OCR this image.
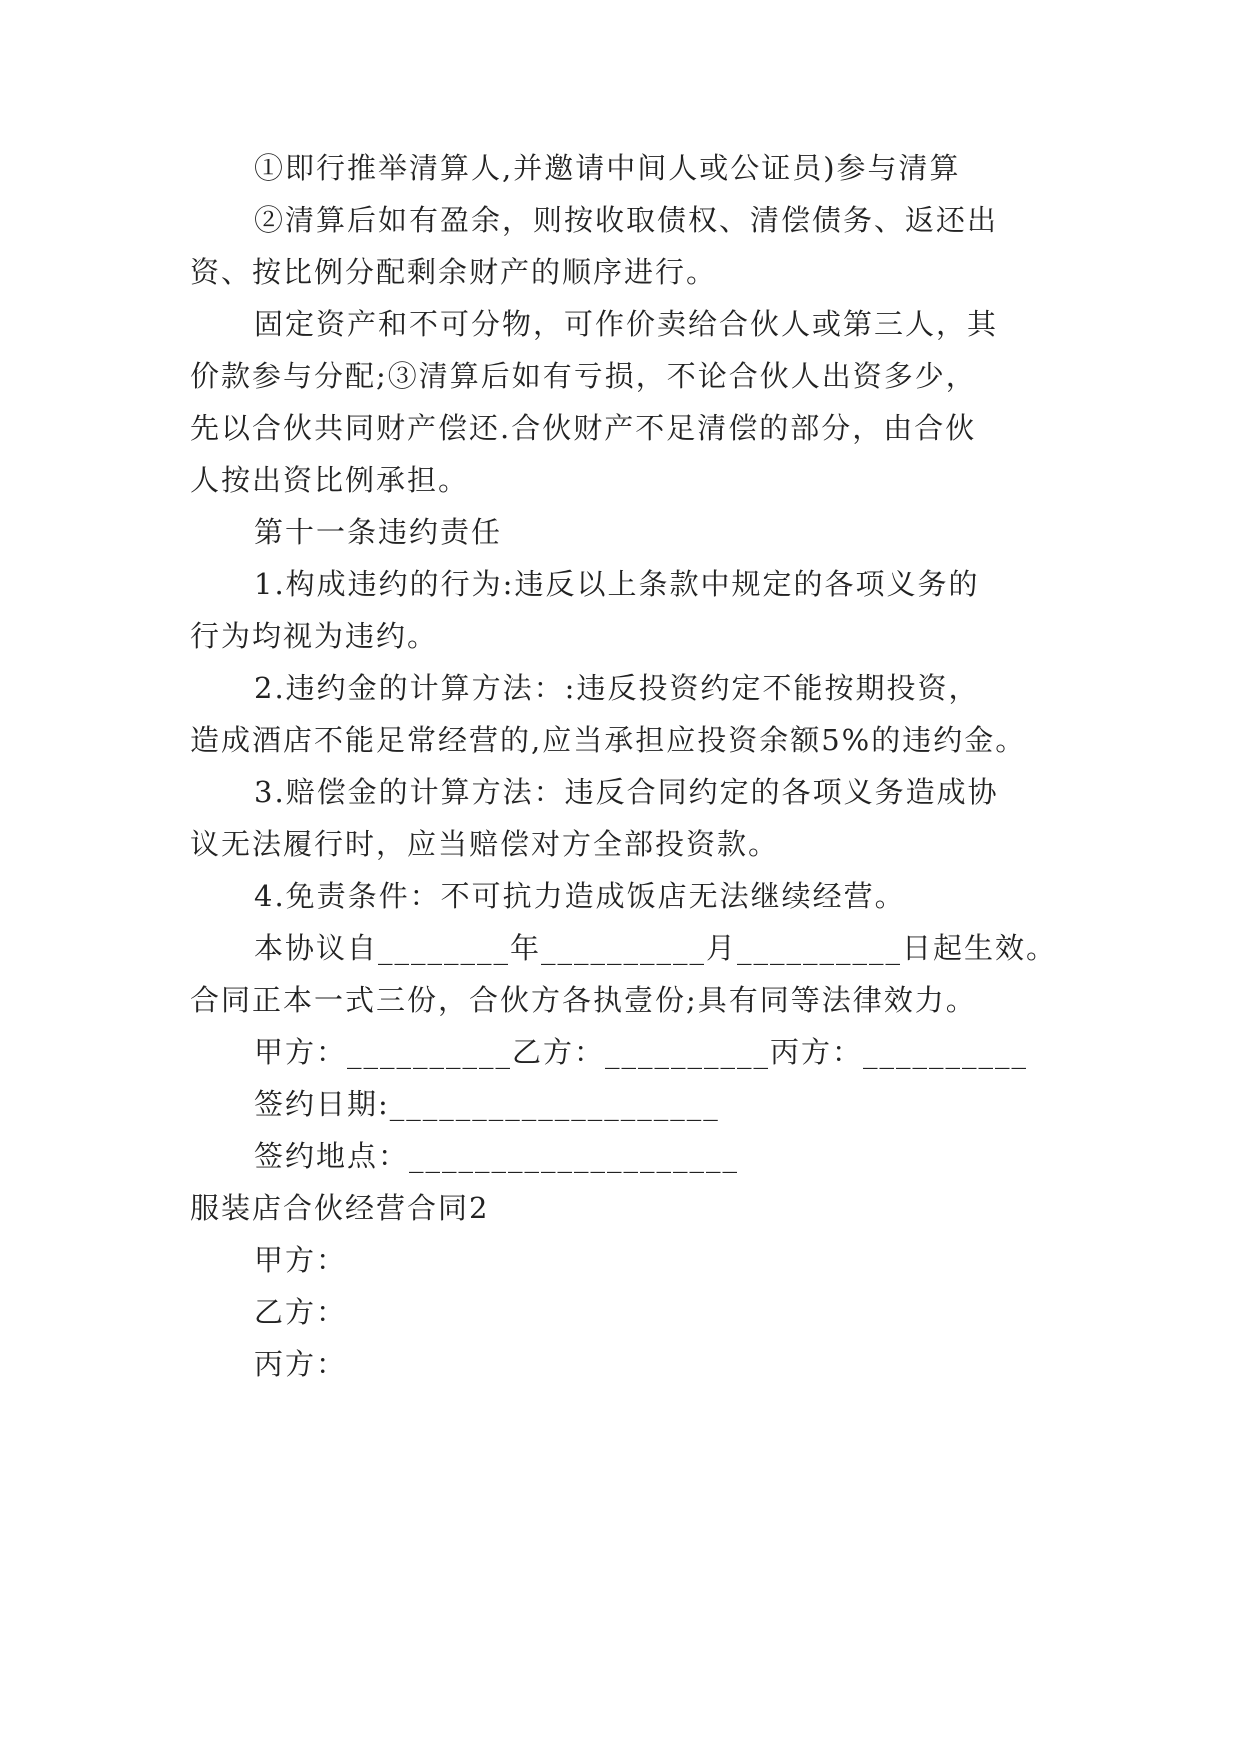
①即行推举清算人,并邀请中间人或公证员)参与清算
②清算后如有盈余，则按收取债权、清偿债务、返还出
资、按比例分配剩余财产的顺序进行。
固定资产和不可分物，可作价卖给合伙人或第三人，其
价款参与分配;③清算后如有亏损，不论合伙人出资多少，
先以合伙共同财产偿还.合伙财产不足清偿的部分，由合伙
人按出资比例承担。
第十一条违约责任
1.构成违约的行为:违反以上条款中规定的各项义务的
行为均视为违约。
2.违约金的计算方法：:违反投资约定不能按期投资，
造成酒店不能足常经营的,应当承担应投资余额5%的违约金。
3.赔偿金的计算方法：违反合同约定的各项义务造成协
议无法履行时，应当赔偿对方全部投资款。
4.免责条件：不可抗力造成饭店无法继续经营。
本协议自________年__________月__________日起生效。
合同正本一式三份，合伙方各执壹份;具有同等法律效力。
甲方：__________乙方：__________丙方：__________
签约日期:____________________
签约地点：____________________
服装店合伙经营合同2
甲方：
乙方：
丙方：
